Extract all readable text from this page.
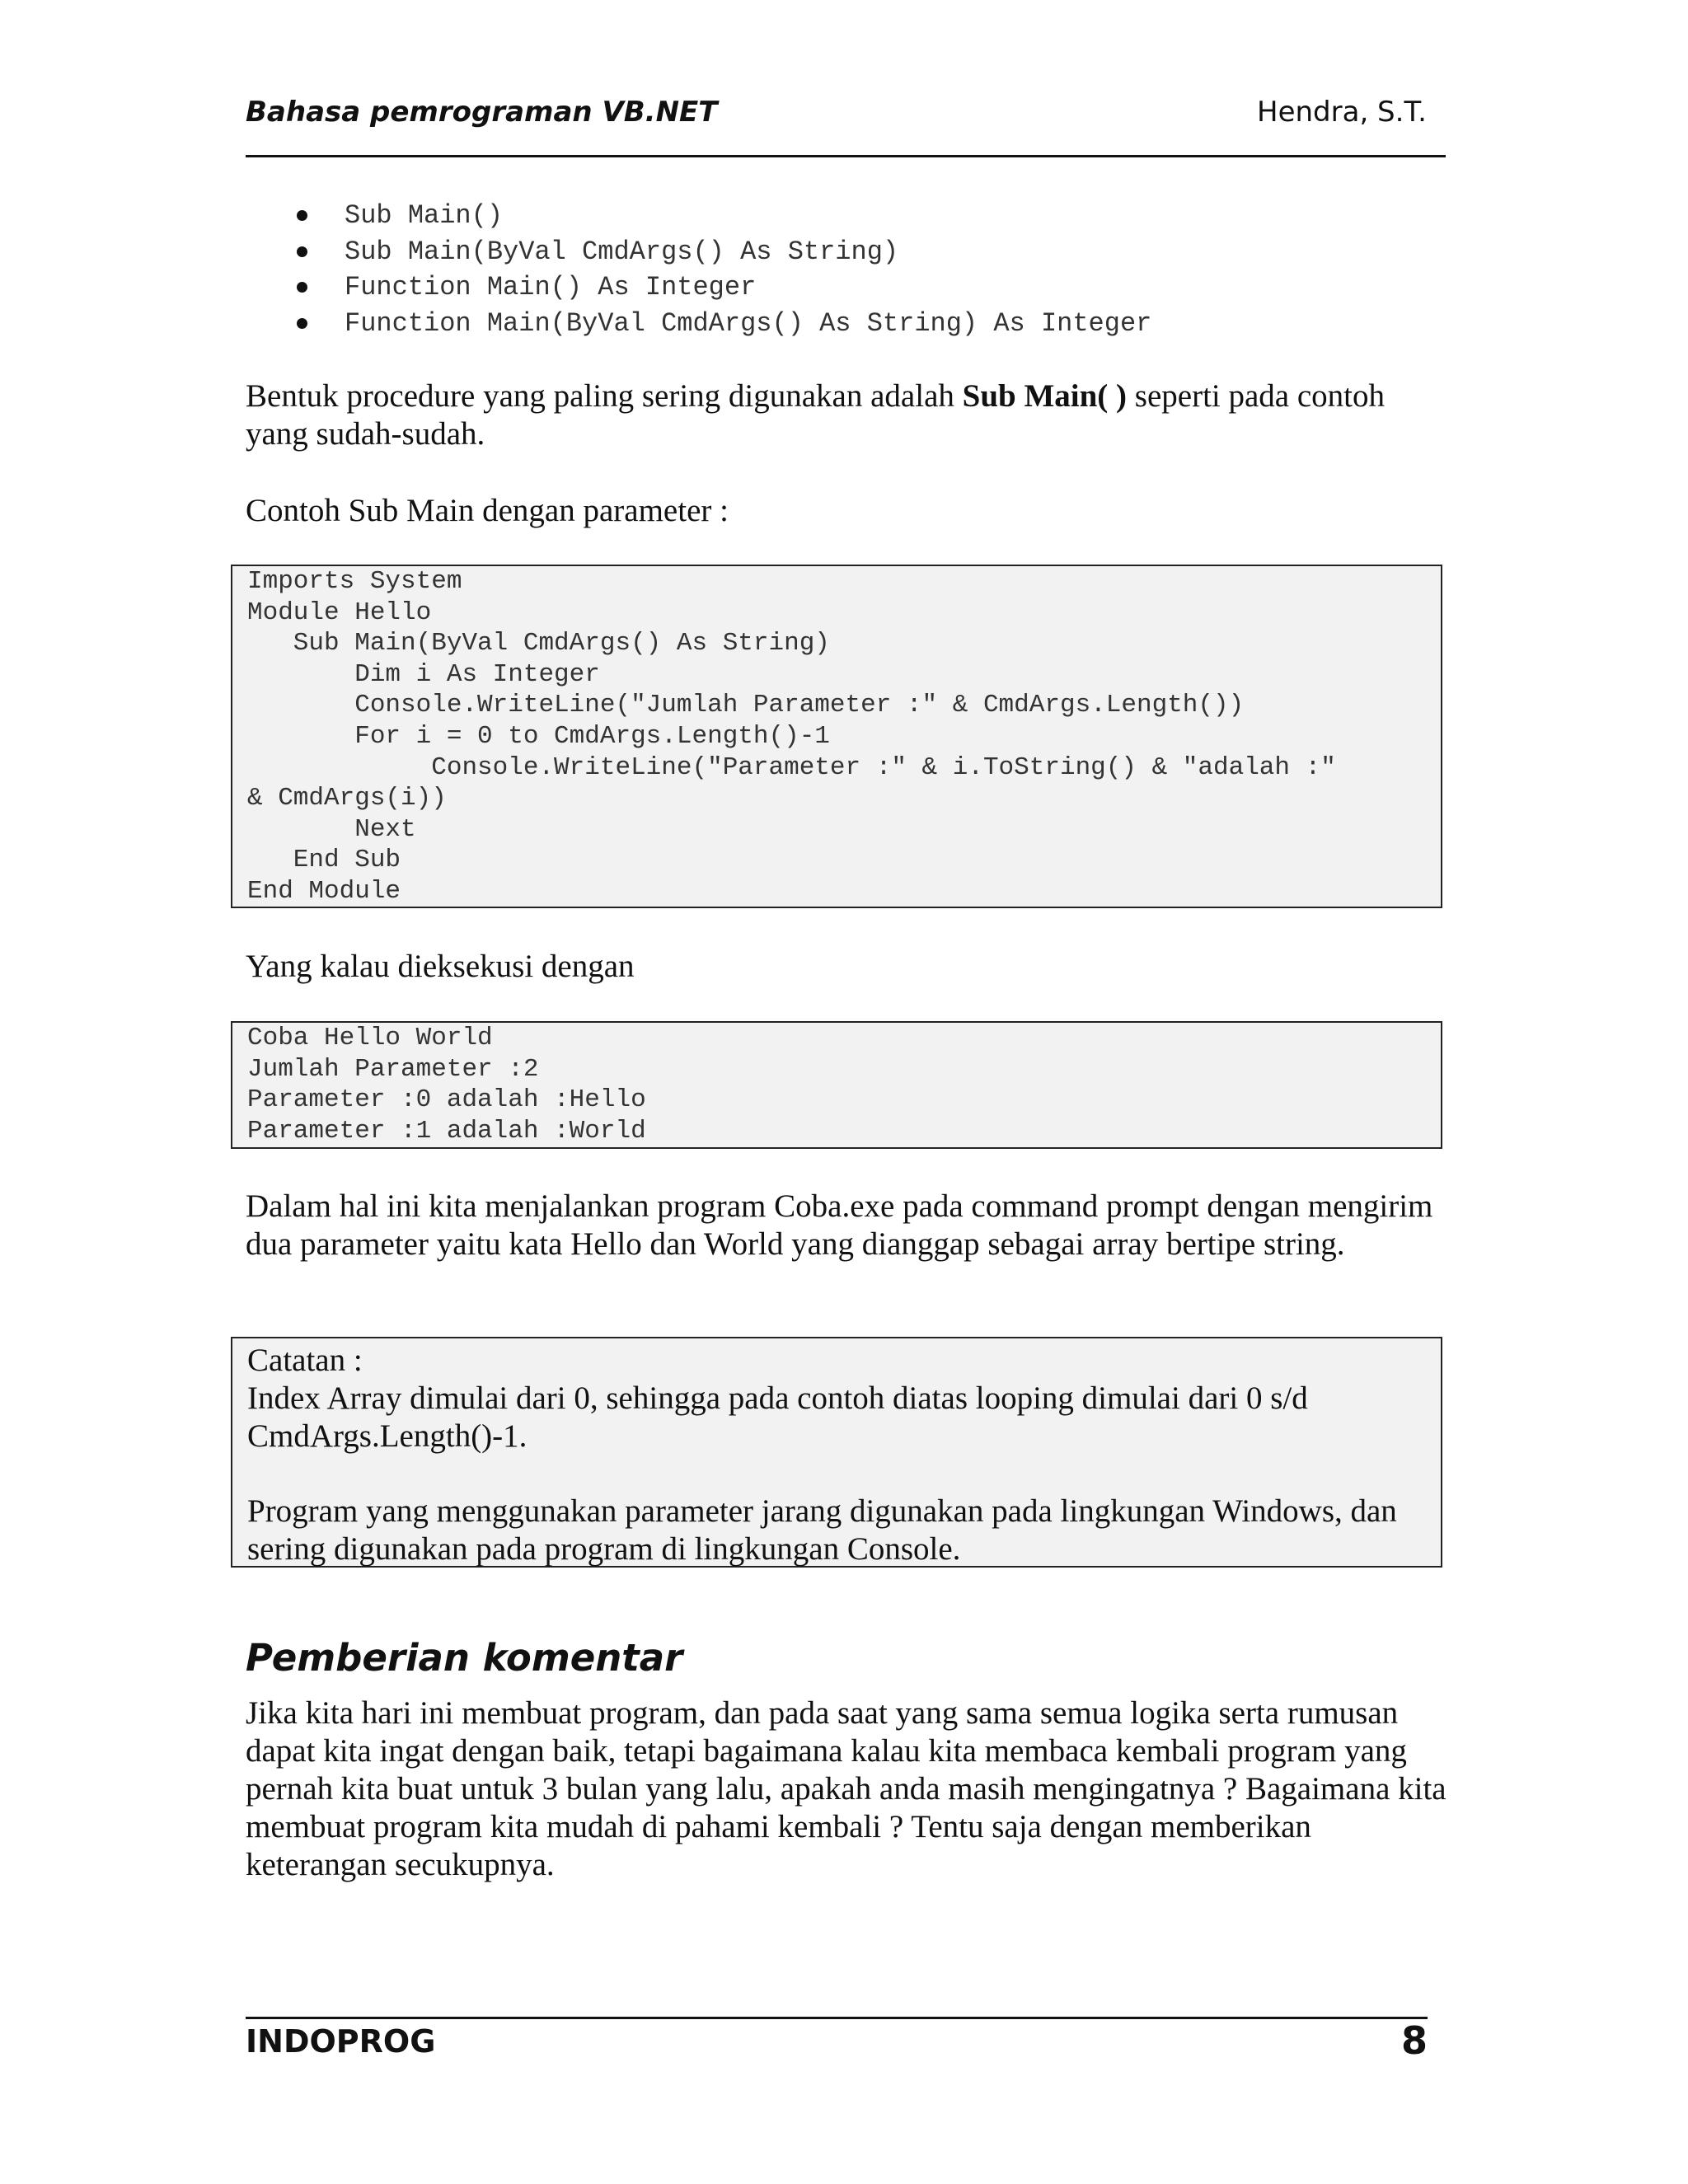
Bahasa pemrograman VB.NET	Hendra, S.T.
Sub Main()
Sub Main(ByVal CmdArgs() As String)
Function Main() As Integer
Function Main(ByVal CmdArgs() As String) As Integer

Bentuk procedure yang paling sering digunakan adalah Sub Main( ) seperti pada contoh yang sudah-sudah.

Contoh Sub Main dengan parameter :

Imports System
Module Hello
Sub Main(ByVal CmdArgs() As String)
Dim i As Integer
Console.WriteLine("Jumlah Parameter :" & CmdArgs.Length())
For i = 0 to CmdArgs.Length()-1
Console.WriteLine("Parameter :" & i.ToString() & "adalah :"
& CmdArgs(i))
Next
End Sub
End Module

Yang kalau dieksekusi dengan

Coba Hello World
Jumlah Parameter :2
Parameter :0 adalah :Hello
Parameter :1 adalah :World

Dalam hal ini kita menjalankan program Coba.exe pada command prompt dengan mengirim dua parameter yaitu kata Hello dan World yang dianggap sebagai array bertipe string.

Catatan :

Index Array dimulai dari 0, sehingga pada contoh diatas looping dimulai dari 0 s/d CmdArgs.Length()-1.

Program yang menggunakan parameter jarang digunakan pada lingkungan Windows, dan sering digunakan pada program di lingkungan Console.

Pemberian komentar

Jika kita hari ini membuat program, dan pada saat yang sama semua logika serta rumusan dapat kita ingat dengan baik, tetapi bagaimana kalau kita membaca kembali program yang pernah kita buat untuk 3 bulan yang lalu, apakah anda masih mengingatnya ? Bagaimana kita membuat program kita mudah di pahami kembali ? Tentu saja dengan memberikan keterangan secukupnya.

INDOPROG	8
